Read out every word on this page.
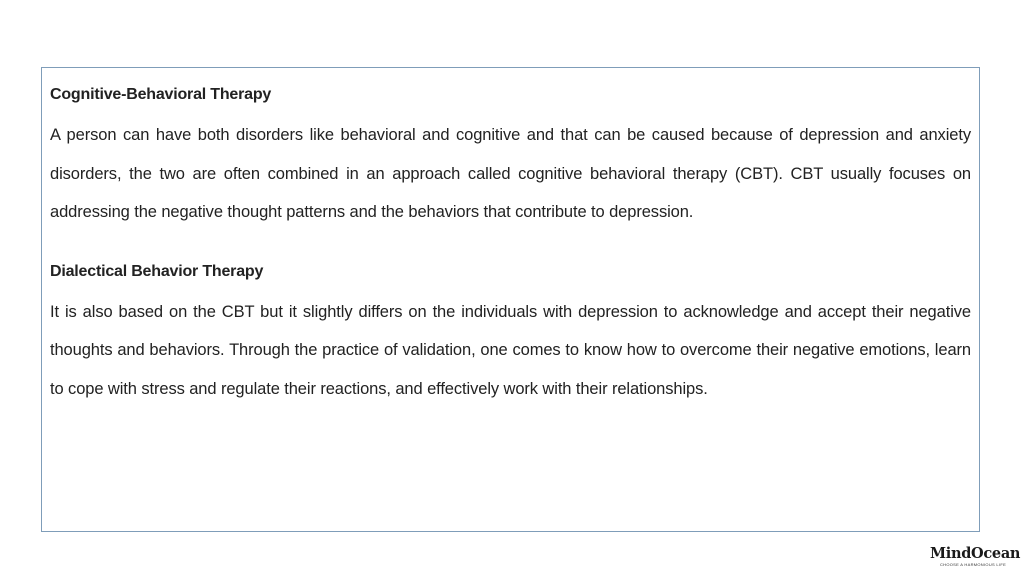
Cognitive-Behavioral Therapy

A person can have both disorders like behavioral and cognitive and that can be caused because of depression and anxiety disorders, the two are often combined in an approach called cognitive behavioral therapy (CBT). CBT usually focuses on addressing the negative thought patterns and the behaviors that contribute to depression.

Dialectical Behavior Therapy

It is also based on the CBT but it slightly differs on the individuals with depression to acknowledge and accept their negative thoughts and behaviors. Through the practice of validation, one comes to know how to overcome their negative emotions, learn to cope with stress and regulate their reactions, and effectively work with their relationships.

MindOcean
CHOOSE A HARMONIOUS LIFE
